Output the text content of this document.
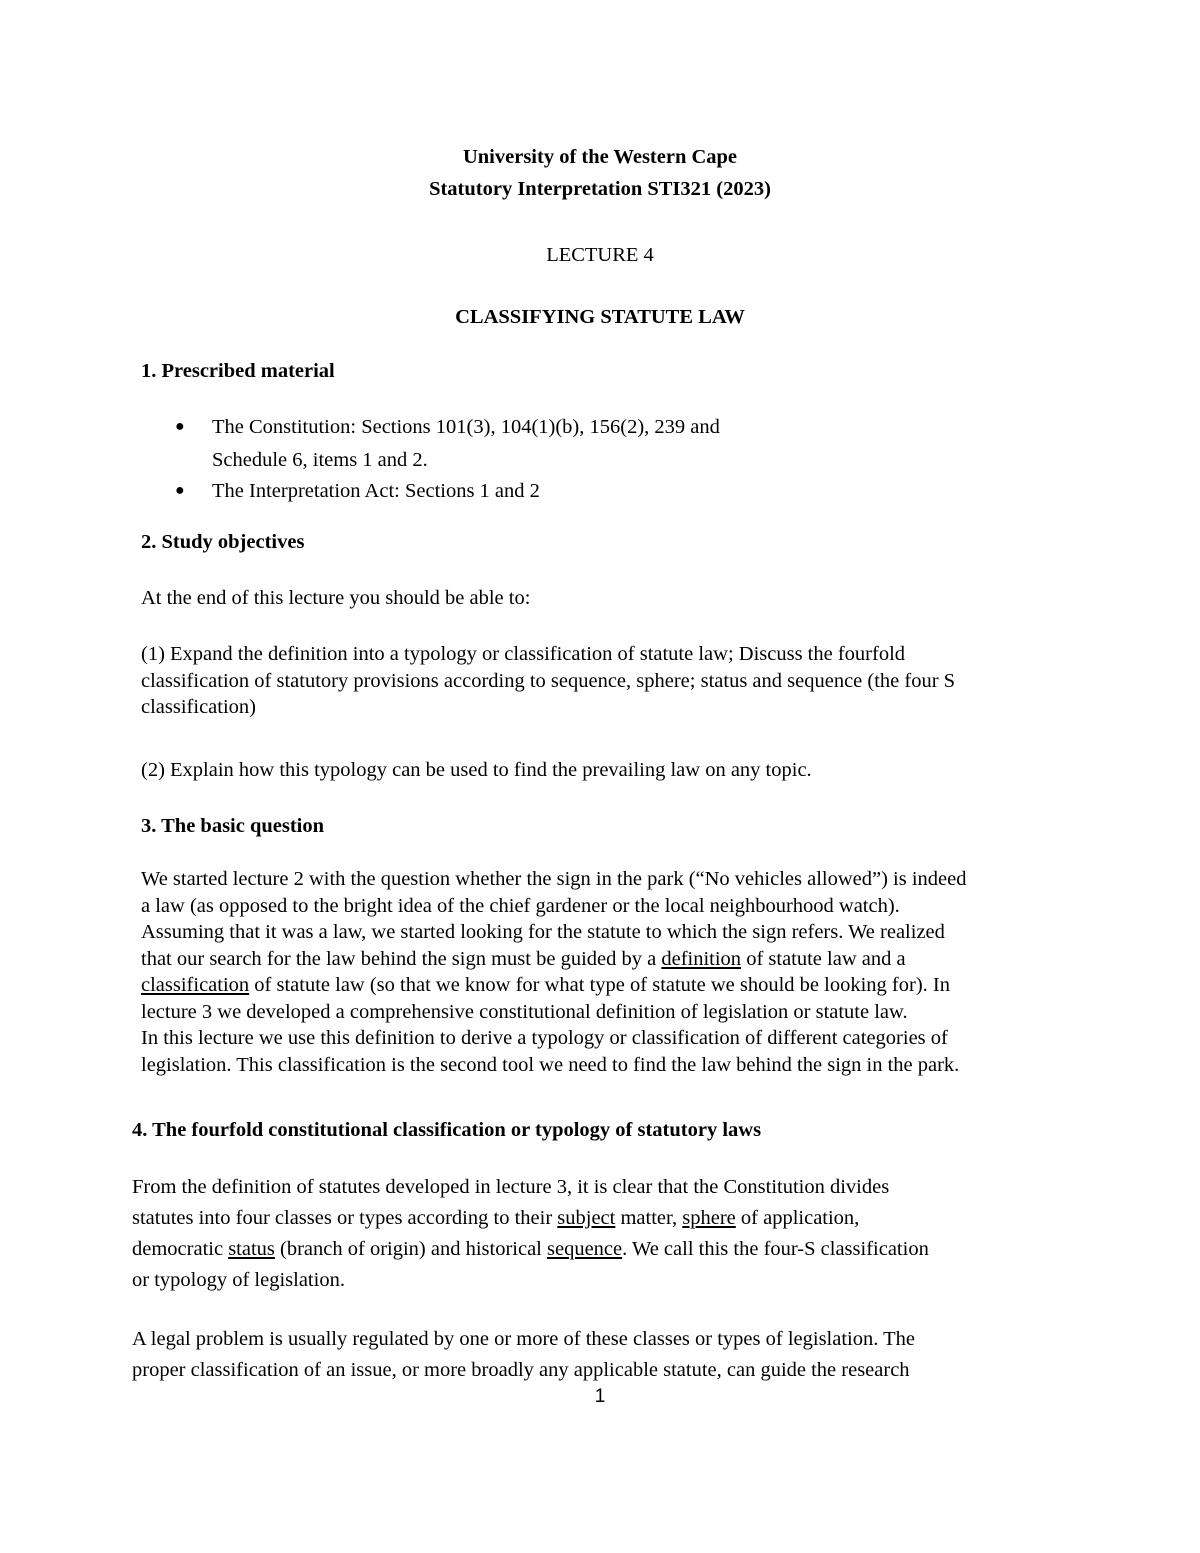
University of the Western Cape
Statutory Interpretation STI321 (2023)
LECTURE 4
CLASSIFYING STATUTE LAW
1. Prescribed material
● The Constitution: Sections 101(3), 104(1)(b), 156(2), 239 and
Schedule 6, items 1 and 2.
● The Interpretation Act: Sections 1 and 2
2. Study objectives
At the end of this lecture you should be able to:
(1) Expand the definition into a typology or classification of statute law; Discuss the fourfold
classification of statutory provisions according to sequence, sphere; status and sequence (the four S
classification)
(2) Explain how this typology can be used to find the prevailing law on any topic.
3. The basic question
We started lecture 2 with the question whether the sign in the park (“No vehicles allowed”) is indeed
a law (as opposed to the bright idea of the chief gardener or the local neighbourhood watch).
Assuming that it was a law, we started looking for the statute to which the sign refers. We realized
that our search for the law behind the sign must be guided by a definition of statute law and a
classification of statute law (so that we know for what type of statute we should be looking for). In
lecture 3 we developed a comprehensive constitutional definition of legislation or statute law.
In this lecture we use this definition to derive a typology or classification of different categories of
legislation. This classification is the second tool we need to find the law behind the sign in the park.
4. The fourfold constitutional classification or typology of statutory laws
From the definition of statutes developed in lecture 3, it is clear that the Constitution divides
statutes into four classes or types according to their subject matter, sphere of application,
democratic status (branch of origin) and historical sequence. We call this the four-S classification
or typology of legislation.
A legal problem is usually regulated by one or more of these classes or types of legislation. The
proper classification of an issue, or more broadly any applicable statute, can guide the research
1
